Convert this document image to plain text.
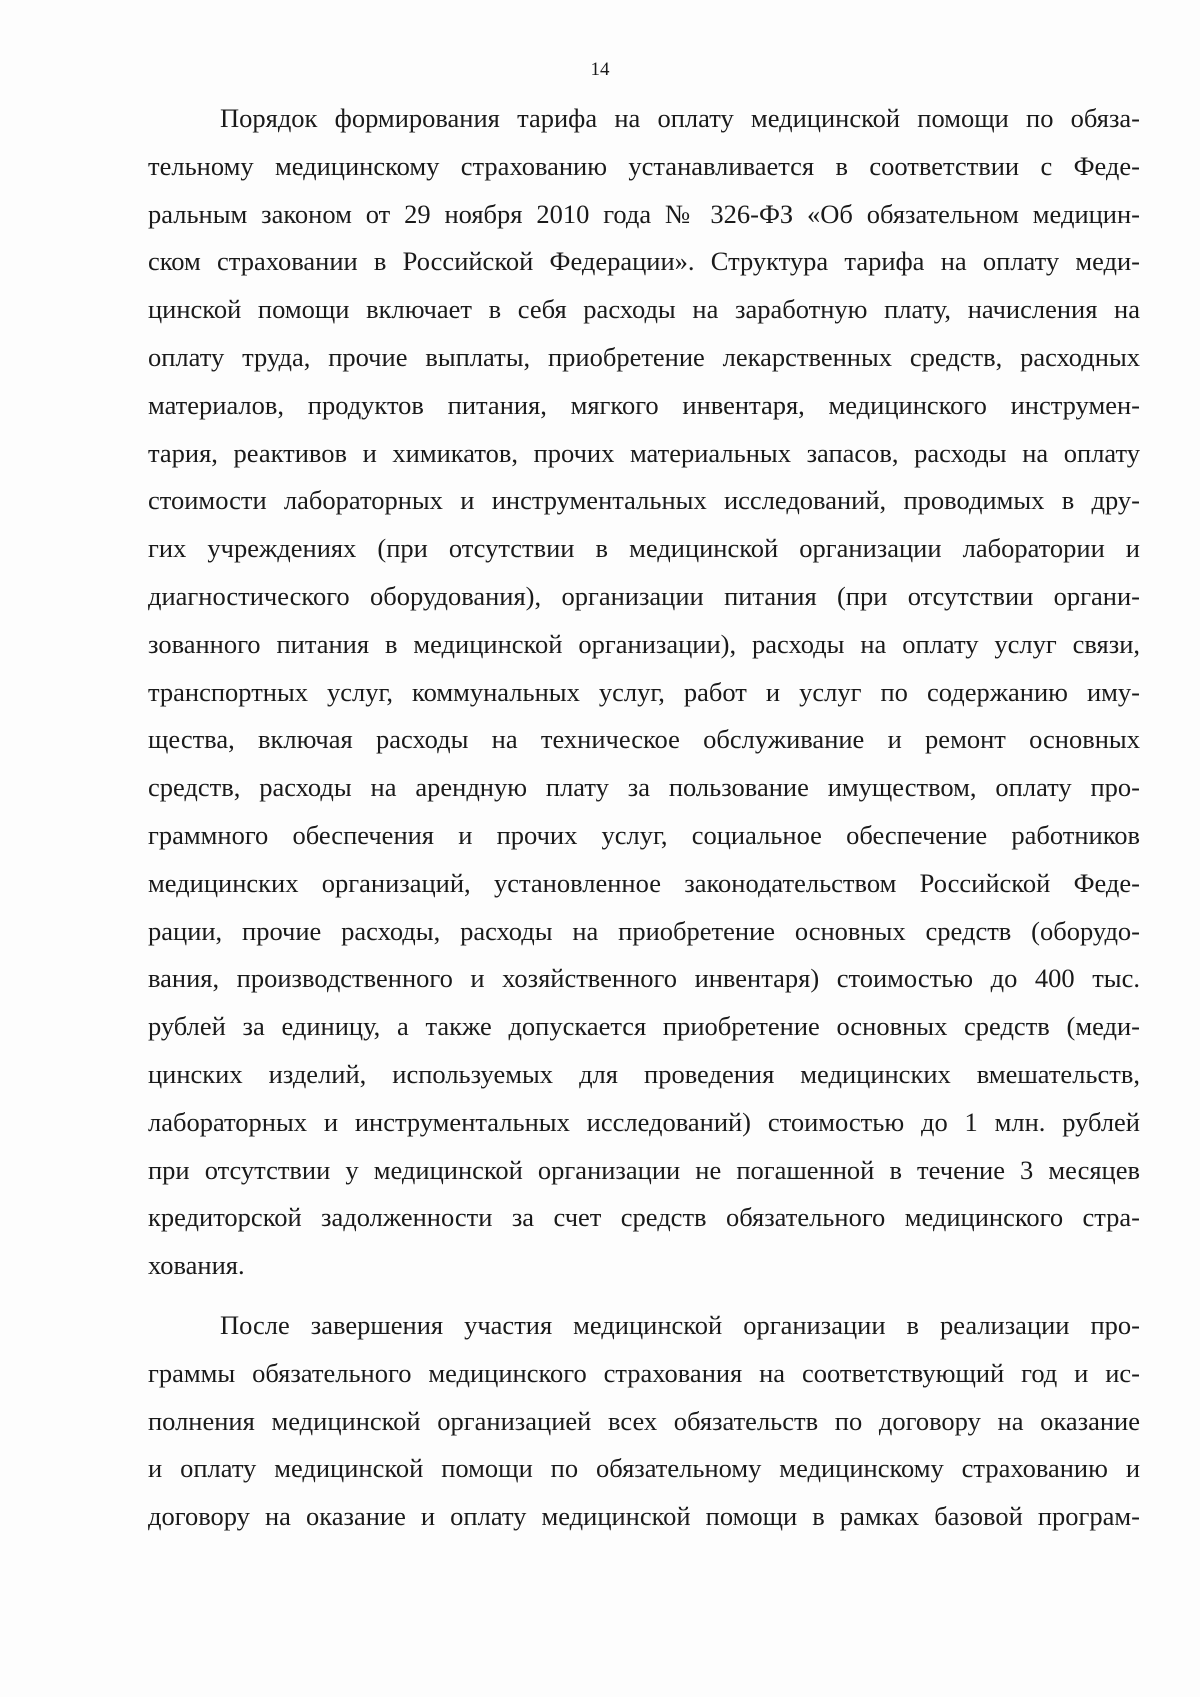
14
Порядок формирования тарифа на оплату медицинской помощи по обяза-
тельному медицинскому страхованию устанавливается в соответствии с Феде-
ральным законом от 29 ноября 2010 года № 326-ФЗ «Об обязательном медицин-
ском страховании в Российской Федерации». Структура тарифа на оплату меди-
цинской помощи включает в себя расходы на заработную плату, начисления на
оплату труда, прочие выплаты, приобретение лекарственных средств, расходных
материалов, продуктов питания, мягкого инвентаря, медицинского инструмен-
тария, реактивов и химикатов, прочих материальных запасов, расходы на оплату
стоимости лабораторных и инструментальных исследований, проводимых в дру-
гих учреждениях (при отсутствии в медицинской организации лаборатории и
диагностического оборудования), организации питания (при отсутствии органи-
зованного питания в медицинской организации), расходы на оплату услуг связи,
транспортных услуг, коммунальных услуг, работ и услуг по содержанию иму-
щества, включая расходы на техническое обслуживание и ремонт основных
средств, расходы на арендную плату за пользование имуществом, оплату про-
граммного обеспечения и прочих услуг, социальное обеспечение работников
медицинских организаций, установленное законодательством Российской Феде-
рации, прочие расходы, расходы на приобретение основных средств (оборудо-
вания, производственного и хозяйственного инвентаря) стоимостью до 400 тыс.
рублей за единицу, а также допускается приобретение основных средств (меди-
цинских изделий, используемых для проведения медицинских вмешательств,
лабораторных и инструментальных исследований) стоимостью до 1 млн. рублей
при отсутствии у медицинской организации не погашенной в течение 3 месяцев
кредиторской задолженности за счет средств обязательного медицинского стра-
хования.
После завершения участия медицинской организации в реализации про-
граммы обязательного медицинского страхования на соответствующий год и ис-
полнения медицинской организацией всех обязательств по договору на оказание
и оплату медицинской помощи по обязательному медицинскому страхованию и
договору на оказание и оплату медицинской помощи в рамках базовой програм-
